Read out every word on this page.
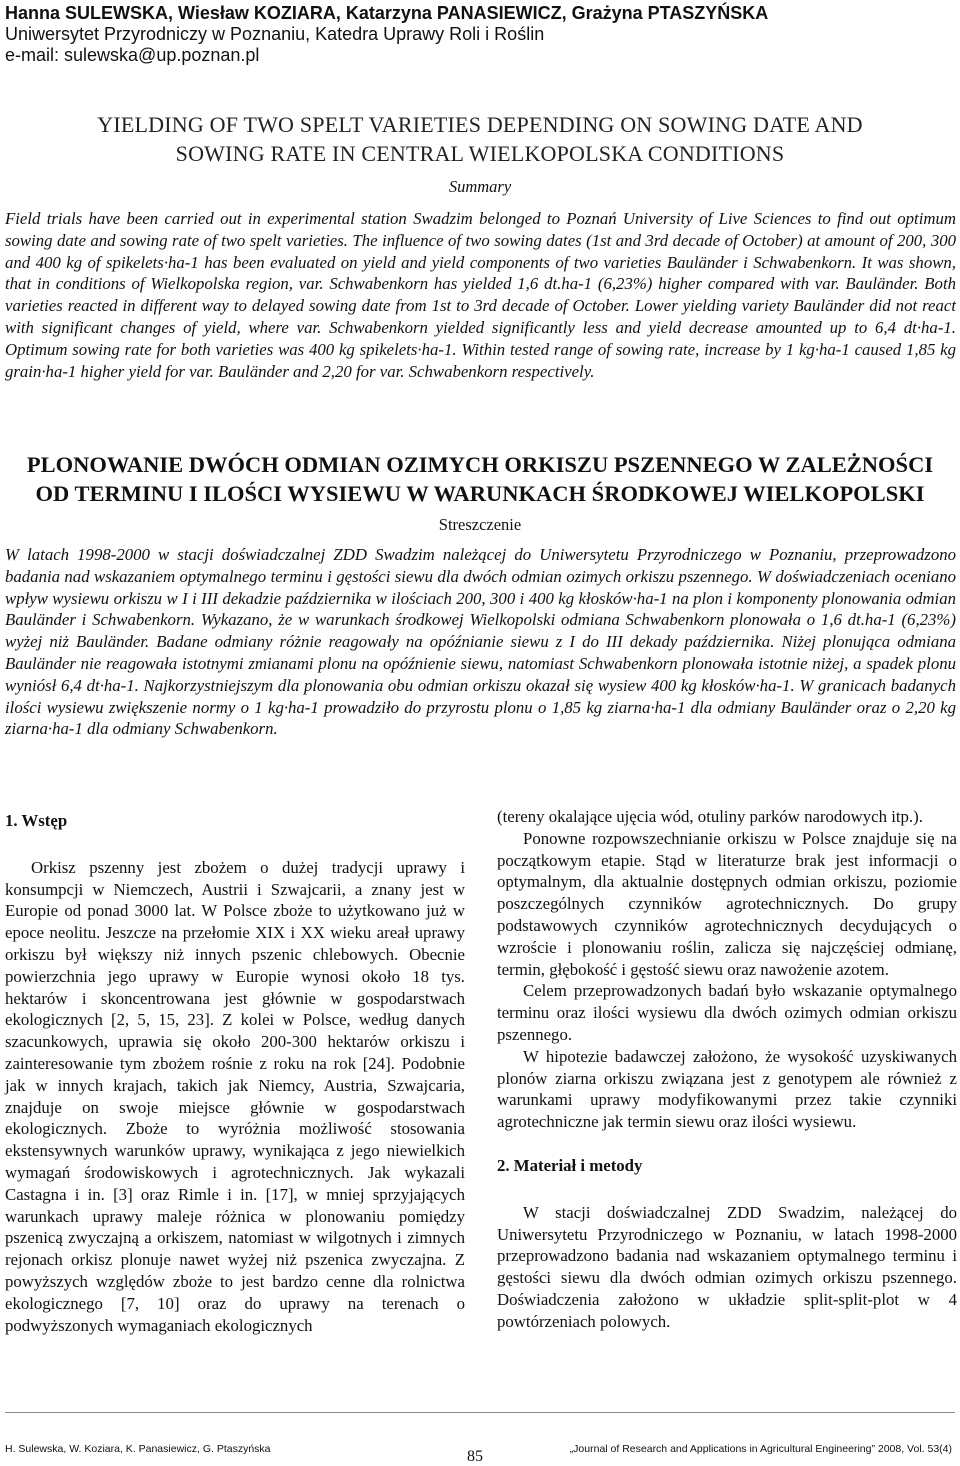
Hanna SULEWSKA, Wiesław KOZIARA, Katarzyna PANASIEWICZ, Grażyna PTASZYŃSKA
Uniwersytet Przyrodniczy w Poznaniu, Katedra Uprawy Roli i Roślin
e-mail: sulewska@up.poznan.pl
YIELDING OF TWO SPELT VARIETIES DEPENDING ON SOWING DATE AND
SOWING RATE IN CENTRAL WIELKOPOLSKA CONDITIONS
Summary
Field trials have been carried out in experimental station Swadzim belonged to Poznań University of Live Sciences to find out optimum sowing date and sowing rate of two spelt varieties. The influence of two sowing dates (1st and 3rd decade of October) at amount of 200, 300 and 400 kg of spikelets·ha-1 has been evaluated on yield and yield components of two varieties Bauländer i Schwabenkorn. It was shown, that in conditions of Wielkopolska region, var. Schwabenkorn has yielded 1,6 dt.ha-1 (6,23%) higher compared with var. Bauländer. Both varieties reacted in different way to delayed sowing date from 1st to 3rd decade of October. Lower yielding variety Bauländer did not react with significant changes of yield, where var. Schwabenkorn yielded significantly less and yield decrease amounted up to 6,4 dt·ha-1. Optimum sowing rate for both varieties was 400 kg spikelets·ha-1. Within tested range of sowing rate, increase by 1 kg·ha-1 caused 1,85 kg grain·ha-1 higher yield for var. Bauländer and 2,20 for var. Schwabenkorn respectively.
PLONOWANIE DWÓCH ODMIAN OZIMYCH ORKISZU PSZENNEGO W ZALEŻNOŚCI
OD TERMINU I ILOŚCI WYSIEWU W WARUNKACH ŚRODKOWEJ WIELKOPOLSKI
Streszczenie
W latach 1998-2000 w stacji doświadczalnej ZDD Swadzim należącej do Uniwersytetu Przyrodniczego w Poznaniu, przeprowadzono badania nad wskazaniem optymalnego terminu i gęstości siewu dla dwóch odmian ozimych orkiszu pszennego. W doświadczeniach oceniano wpływ wysiewu orkiszu w I i III dekadzie października w ilościach 200, 300 i 400 kg kłosków·ha-1 na plon i komponenty plonowania odmian Bauländer i Schwabenkorn. Wykazano, że w warunkach środkowej Wielkopolski odmiana Schwabenkorn plonowała o 1,6 dt.ha-1 (6,23%) wyżej niż Bauländer. Badane odmiany różnie reagowały na opóźnianie siewu z I do III dekady października. Niżej plonująca odmiana Bauländer nie reagowała istotnymi zmianami plonu na opóźnienie siewu, natomiast Schwabenkorn plonowała istotnie niżej, a spadek plonu wyniósł 6,4 dt·ha-1. Najkorzystniejszym dla plonowania obu odmian orkiszu okazał się wysiew 400 kg kłosków·ha-1. W granicach badanych ilości wysiewu zwiększenie normy o 1 kg·ha-1 prowadziło do przyrostu plonu o 1,85 kg ziarna·ha-1 dla odmiany Bauländer oraz o 2,20 kg ziarna·ha-1 dla odmiany Schwabenkorn.
1. Wstęp

Orkisz pszenny jest zbożem o dużej tradycji uprawy i konsumpcji w Niemczech, Austrii i Szwajcarii, a znany jest w Europie od ponad 3000 lat. W Polsce zboże to użytkowano już w epoce neolitu. Jeszcze na przełomie XIX i XX wieku areał uprawy orkiszu był większy niż innych pszenic chlebowych. Obecnie powierzchnia jego uprawy w Europie wynosi około 18 tys. hektarów i skoncentrowana jest głównie w gospodarstwach ekologicznych [2, 5, 15, 23]. Z kolei w Polsce, według danych szacunkowych, uprawia się około 200-300 hektarów orkiszu i zainteresowanie tym zbożem rośnie z roku na rok [24]. Podobnie jak w innych krajach, takich jak Niemcy, Austria, Szwajcaria, znajduje on swoje miejsce głównie w gospodarstwach ekologicznych. Zboże to wyróżnia możliwość stosowania ekstensywnych warunków uprawy, wynikająca z jego niewielkich wymagań środowiskowych i agrotechnicznych. Jak wykazali Castagna i in. [3] oraz Rimle i in. [17], w mniej sprzyjających warunkach uprawy maleje różnica w plonowaniu pomiędzy pszenicą zwyczajną a orkiszem, natomiast w wilgotnych i zimnych rejonach orkisz plonuje nawet wyżej niż pszenica zwyczajna. Z powyższych względów zboże to jest bardzo cenne dla rolnictwa ekologicznego [7, 10] oraz do uprawy na terenach o podwyższonych wymaganiach ekologicznych

(tereny okalające ujęcia wód, otuliny parków narodowych itp.).

Ponowne rozpowszechnianie orkiszu w Polsce znajduje się na początkowym etapie. Stąd w literaturze brak jest informacji o optymalnym, dla aktualnie dostępnych odmian orkiszu, poziomie poszczególnych czynników agrotechnicznych. Do grupy podstawowych czynników agrotechnicznych decydujących o wzroście i plonowaniu roślin, zalicza się najczęściej odmianę, termin, głębokość i gęstość siewu oraz nawożenie azotem.

Celem przeprowadzonych badań było wskazanie optymalnego terminu oraz ilości wysiewu dla dwóch ozimych odmian orkiszu pszennego.

W hipotezie badawczej założono, że wysokość uzyskiwanych plonów ziarna orkiszu związana jest z genotypem ale również z warunkami uprawy modyfikowanymi przez takie czynniki agrotechniczne jak termin siewu oraz ilości wysiewu.

2. Materiał i metody

W stacji doświadczalnej ZDD Swadzim, należącej do Uniwersytetu Przyrodniczego w Poznaniu, w latach 1998-2000 przeprowadzono badania nad wskazaniem optymalnego terminu i gęstości siewu dla dwóch odmian ozimych orkiszu pszennego. Doświadczenia założono w układzie split-split-plot w 4 powtórzeniach polowych.

H. Sulewska, W. Koziara, K. Panasiewicz, G. Ptaszyńska	85	„Journal of Research and Applications in Agricultural Engineering” 2008, Vol. 53(4)
